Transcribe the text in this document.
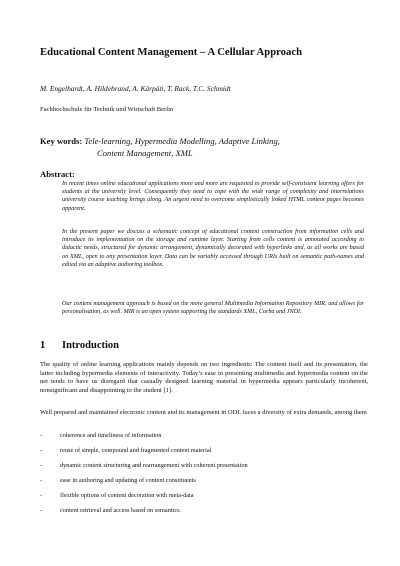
Educational Content Management – A Cellular Approach
M. Engelhardt, A. Hildebrand, A. Kárpáti, T. Rack, T.C. Schmidt
Fachhochschule für Technik und Wirtschaft Berlin
Key words: Tele-learning, Hypermedia Modelling, Adaptive Linking,
Content Management, XML
Abstract:

In recent times online educational applications more and more are requested to provide self-consistent learning offers for students at the university level. Consequently they need to cope with the wide range of complexity and interrelations university course teaching brings along. An urgent need to overcome simplistically linked HTML content pages becomes apparent.

In the present paper we discuss a schematic concept of educational content construction from information cells and introduce its implementation on the storage and runtime layer. Starting from cells content is annotated according to didactic needs, structured for dynamic arrangement, dynamically decorated with hyperlinks and, as all works are based on XML, open to any presentation layer. Data can be variably accessed through URIs built on semantic path-names and edited via an adaptive authoring toolbox.

Our content management approach is based on the more general Multimedia Information Repository MIR. and allows for personalisation, as well. MIR is an open system supporting the standards XML, Corba and JNDI.

1 Introduction

The quality of online learning applications mainly depends on two ingredients: The content itself and its presentation, the latter including hypermedia elements of interactivity. Today’s ease in presenting multimedia and hypermedia content on the net tends to have us disregard that casually designed learning material in hypermedia appears particularly incoherent, nonsignificant and disappointing to the student [1].

Well prepared and maintained electronic content and its management in ODL faces a diversity of extra demands, among them

-	coherence and timeliness of information
-	reuse of simple, compound and fragmented content material
-	dynamic content structuring and rearrangement with coherent presentation
-	ease in authoring and updating of content constituents
-	flexible options of content decoration with meta-data
-	content retrieval and access based on semantics.
